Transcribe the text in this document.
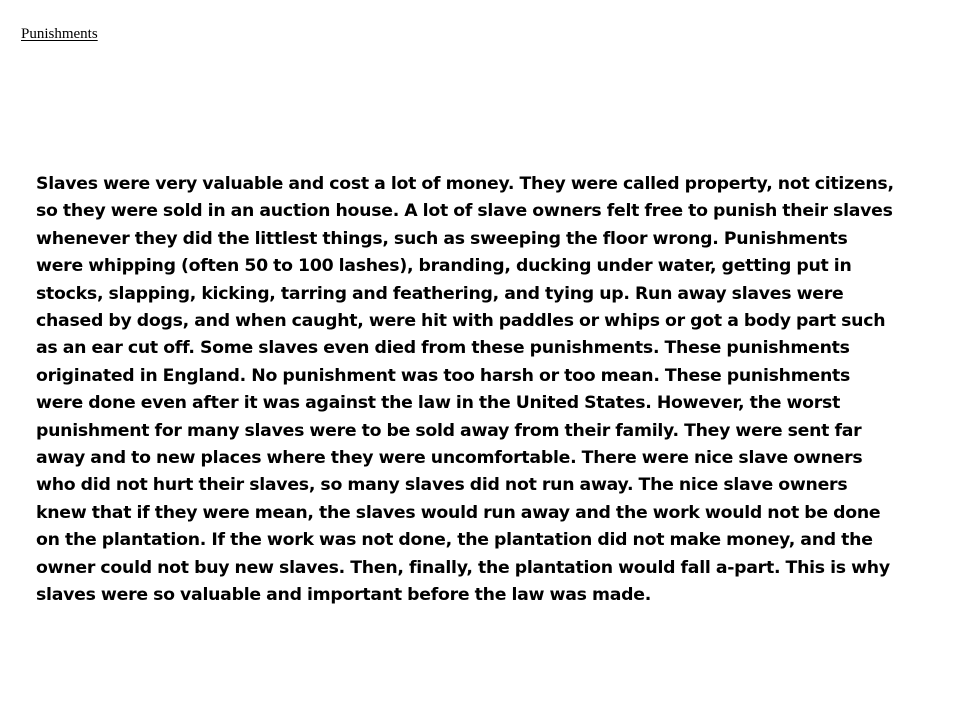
Punishments

Slaves were very valuable and cost a lot of money. They were called property, not citizens,
so they were sold in an auction house. A lot of slave owners felt free to punish their slaves
whenever they did the littlest things, such as sweeping the floor wrong. Punishments
were whipping (often 50 to 100 lashes), branding, ducking under water, getting put in
stocks, slapping, kicking, tarring and feathering, and tying up. Run away slaves were
chased by dogs, and when caught, were hit with paddles or whips or got a body part such
as an ear cut off. Some slaves even died from these punishments. These punishments
originated in England. No punishment was too harsh or too mean. These punishments
were done even after it was against the law in the United States. However, the worst
punishment for many slaves were to be sold away from their family. They were sent far
away and to new places where they were uncomfortable. There were nice slave owners
who did not hurt their slaves, so many slaves did not run away. The nice slave owners
knew that if they were mean, the slaves would run away and the work would not be done
on the plantation. If the work was not done, the plantation did not make money, and the
owner could not buy new slaves. Then, finally, the plantation would fall a-part. This is why
slaves were so valuable and important before the law was made.
